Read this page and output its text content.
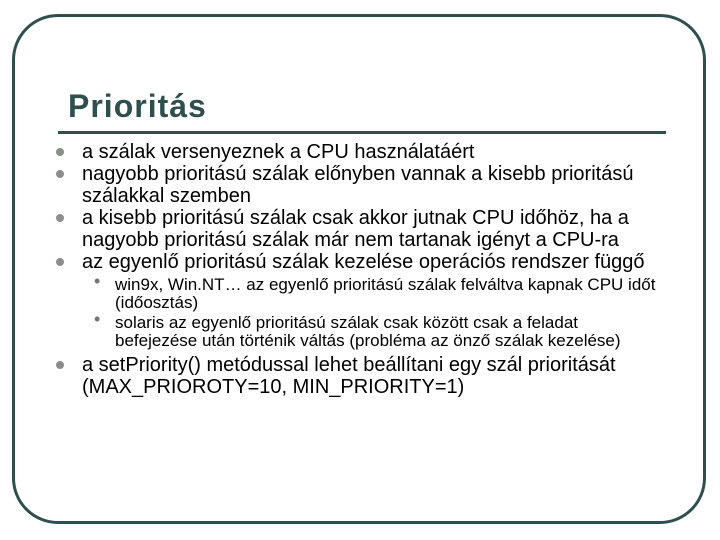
Prioritás
a szálak versenyeznek a CPU használatáért
nagyobb prioritású szálak előnyben vannak a kisebb prioritású szálakkal szemben
a kisebb prioritású szálak csak akkor jutnak CPU időhöz, ha a nagyobb prioritású szálak már nem tartanak igényt a CPU-ra
az egyenlő prioritású szálak kezelése operációs rendszer függő
• win9x, Win.NT… az egyenlő prioritású szálak felváltva kapnak CPU időt (időosztás)
• solaris az egyenlő prioritású szálak csak között csak a feladat befejezése után történik váltás (probléma az önző szálak kezelése)
a setPriority() metódussal lehet beállítani egy szál prioritását (MAX_PRIOROTY=10, MIN_PRIORITY=1)
